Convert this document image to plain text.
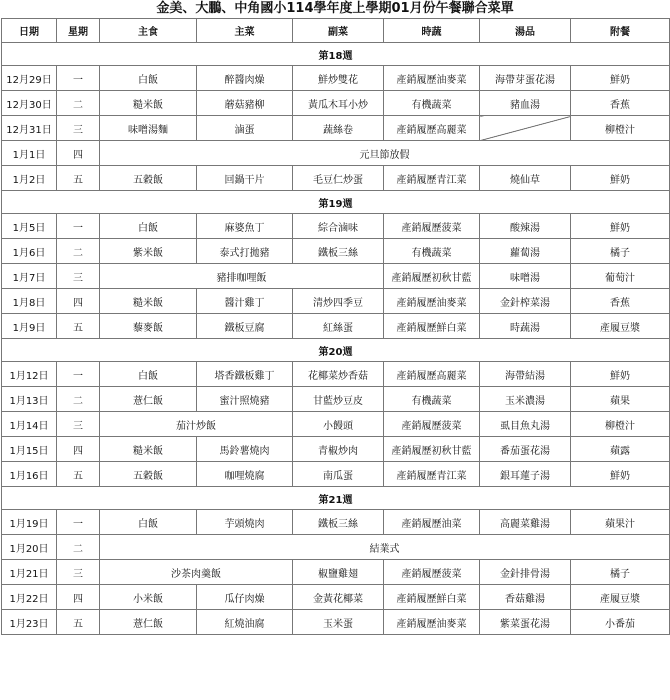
金美、大鵬、中角國小114學年度上學期01月份午餐聯合菜單
日期	星期	主食	主菜	副菜	時蔬	湯品	附餐
第18週							
12月29日	一	白飯	醉醬肉燥	鮮炒雙花	產銷履歷油麥菜	海帶芽蛋花湯	鮮奶
12月30日	二	糙米飯	蘑菇豬柳	黃瓜木耳小炒	有機蔬菜	豬血湯	香蕉
12月31日	三	味噌湯麵	滷蛋	蔬絲卷	產銷履歷高麗菜		柳橙汁
1月1日	四	元旦節放假					
1月2日	五	五穀飯	回鍋干片	毛豆仁炒蛋	產銷履歷青江菜	燒仙草	鮮奶
第19週							
1月5日	一	白飯	麻婆魚丁	綜合滷味	產銷履歷菠菜	酸辣湯	鮮奶
1月6日	二	紫米飯	泰式打拋豬	鐵板三絲	有機蔬菜	蘿蔔湯	橘子
1月7日	三	豬排咖哩飯			產銷履歷初秋甘藍	味噌湯	葡萄汁
1月8日	四	糙米飯	醬汁雞丁	清炒四季豆	產銷履歷油麥菜	金針榨菜湯	香蕉
1月9日	五	藜麥飯	鐵板豆腐	紅絲蛋	產銷履歷鮮白菜	時蔬湯	產履豆漿
第20週							
1月12日	一	白飯	塔香鐵板雞丁	花椰菜炒香菇	產銷履歷高麗菜	海帶結湯	鮮奶
1月13日	二	薏仁飯	蜜汁照燒豬	甘藍炒豆皮	有機蔬菜	玉米濃湯	蘋果
1月14日	三	茄汁炒飯		小饅頭	產銷履歷菠菜	虱目魚丸湯	柳橙汁
1月15日	四	糙米飯	馬鈴薯燒肉	青椒炒肉	產銷履歷初秋甘藍	番茄蛋花湯	蘋露
1月16日	五	五穀飯	咖哩燒腐	南瓜蛋	產銷履歷青江菜	銀耳蓮子湯	鮮奶
第21週							
1月19日	一	白飯	芋頭燒肉	鐵板三絲	產銷履歷油菜	高麗菜雞湯	蘋果汁
1月20日	二	結業式					
1月21日	三	沙茶肉羹飯		椒鹽雞翅	產銷履歷菠菜	金針排骨湯	橘子
1月22日	四	小米飯	瓜仔肉燥	金黃花椰菜	產銷履歷鮮白菜	香菇雞湯	產履豆漿
1月23日	五	薏仁飯	紅燒油腐	玉米蛋	產銷履歷油麥菜	紫菜蛋花湯	小番茄
